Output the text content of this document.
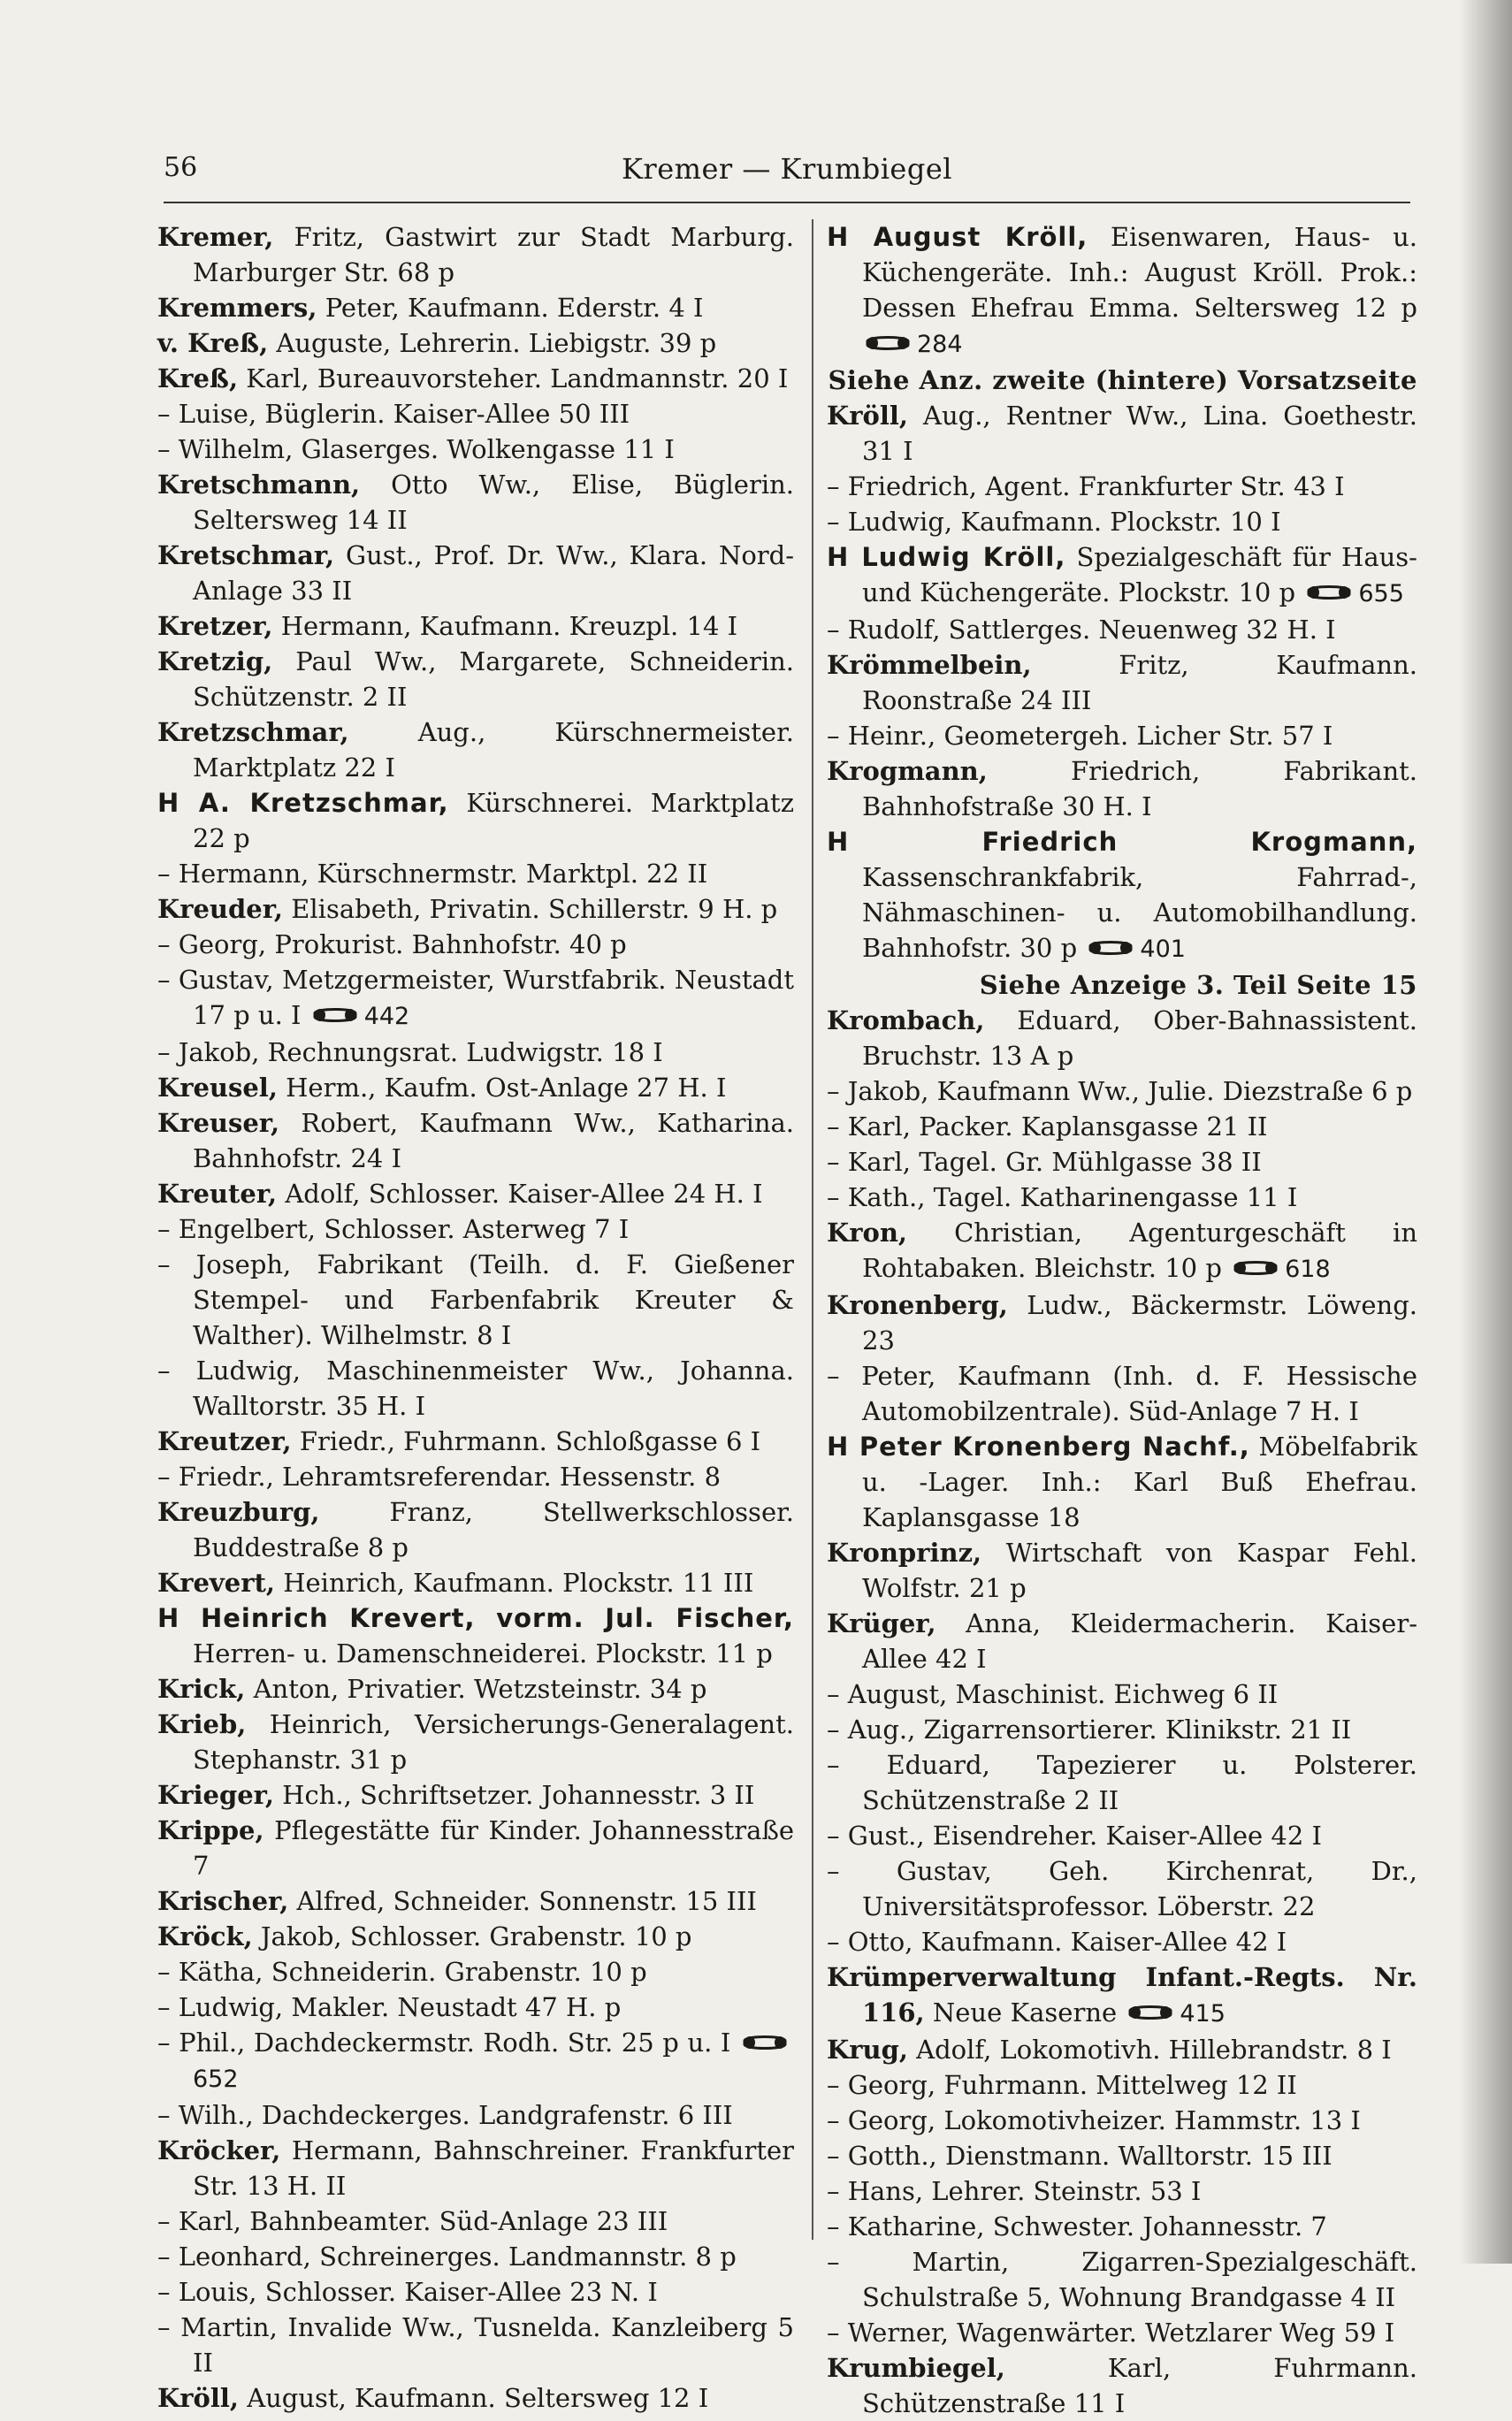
56	Kremer — Krumbiegel
Kremer, Fritz, Gastwirt zur Stadt Marburg. Marburger Str. 68 p
Kremmers, Peter, Kaufmann. Ederstr. 4 I
v. Kreß, Auguste, Lehrerin. Liebigstr. 39 p
Kreß, Karl, Bureauvorsteher. Landmannstr. 20 I
– Luise, Büglerin. Kaiser-Allee 50 III
– Wilhelm, Glaserges. Wolkengasse 11 I
Kretschmann, Otto Ww., Elise, Büglerin. Seltersweg 14 II
Kretschmar, Gust., Prof. Dr. Ww., Klara. Nord-Anlage 33 II
Kretzer, Hermann, Kaufmann. Kreuzpl. 14 I
Kretzig, Paul Ww., Margarete, Schneiderin. Schützenstr. 2 II
Kretzschmar,	Aug., Kürschnermeister. Marktplatz 22 I
H A. Kretzschmar, Kürschnerei. Marktplatz 22 p
– Hermann, Kürschnermstr. Marktpl. 22 II
Kreuder, Elisabeth, Privatin. Schillerstr. 9 H. p
– Georg, Prokurist. Bahnhofstr. 40 p
– Gustav, Metzgermeister, Wurstfabrik. Neustadt 17 p u. I	442
– Jakob, Rechnungsrat. Ludwigstr. 18 I
Kreusel, Herm., Kaufm. Ost-Anlage 27 H. I
Kreuser, Robert, Kaufmann Ww., Katharina. Bahnhofstr. 24 I
Kreuter, Adolf, Schlosser. Kaiser-Allee 24 H. I
– Engelbert, Schlosser. Asterweg 7 I
– Joseph, Fabrikant (Teilh. d. F. Gießener Stempel- und Farbenfabrik Kreuter & Walther). Wilhelmstr. 8 I
– Ludwig, Maschinenmeister Ww., Johanna. Walltorstr. 35 H. I
Kreutzer, Friedr., Fuhrmann. Schloßgasse 6 I
– Friedr., Lehramtsreferendar. Hessenstr. 8
Kreuzburg,	Franz, Stellwerkschlosser. Buddestraße 8 p
Krevert, Heinrich, Kaufmann. Plockstr. 11 III
H Heinrich Krevert, vorm. Jul. Fischer, Herren- u. Damenschneiderei. Plockstr. 11 p
Krick, Anton, Privatier. Wetzsteinstr. 34 p
Krieb, Heinrich, Versicherungs-Generalagent. Stephanstr. 31 p
Krieger, Hch., Schriftsetzer. Johannesstr. 3 II
Krippe, Pflegestätte für Kinder. Johannesstraße 7
Krischer, Alfred, Schneider. Sonnenstr. 15 III
Kröck, Jakob, Schlosser. Grabenstr. 10 p
– Kätha, Schneiderin. Grabenstr. 10 p
– Ludwig, Makler. Neustadt 47 H. p
– Phil., Dachdeckermstr. Rodh. Str. 25 p u. I 652
– Wilh., Dachdeckerges. Landgrafenstr. 6 III
Kröcker, Hermann, Bahnschreiner. Frankfurter Str. 13 H. II
– Karl, Bahnbeamter. Süd-Anlage 23 III
– Leonhard, Schreinerges. Landmannstr. 8 p
– Louis, Schlosser. Kaiser-Allee 23 N. I
– Martin, Invalide Ww., Tusnelda. Kanzleiberg 5 II
Kröll, August, Kaufmann. Seltersweg 12 I
H August Kröll, Eisenwaren, Haus- u. Küchengeräte. Inh.: August Kröll. Prok.: Dessen Ehefrau Emma. Seltersweg 12 p 284
Siehe Anz. zweite (hintere) Vorsatzseite
Kröll, Aug., Rentner Ww., Lina. Goethestr. 31 I
– Friedrich, Agent. Frankfurter Str. 43 I
– Ludwig, Kaufmann. Plockstr. 10 I
H Ludwig Kröll, Spezialgeschäft für Haus- und Küchengeräte. Plockstr. 10 p	655
– Rudolf, Sattlerges. Neuenweg 32 H. I
Krömmelbein,	Fritz, Kaufmann. Roonstraße 24 III
– Heinr., Geometergeh. Licher Str. 57 I
Krogmann,	Friedrich, Fabrikant. Bahnhofstraße 30 H. I
H Friedrich Krogmann, Kassenschrankfabrik, Fahrrad-, Nähmaschinen- u. Automobilhandlung. Bahnhofstr. 30 p	401
Siehe Anzeige 3. Teil Seite 15
Krombach, Eduard, Ober-Bahnassistent. Bruchstr. 13 A p
– Jakob, Kaufmann Ww., Julie. Diezstraße 6 p
– Karl, Packer. Kaplansgasse 21 II
– Karl, Tagel. Gr. Mühlgasse 38 II
– Kath., Tagel. Katharinengasse 11 I
Kron, Christian, Agenturgeschäft in Rohtabaken. Bleichstr. 10 p	618
Kronenberg, Ludw., Bäckermstr. Löweng. 23
– Peter, Kaufmann (Inh. d. F. Hessische Automobilzentrale). Süd-Anlage 7 H. I
H Peter Kronenberg Nachf., Möbelfabrik u. -Lager. Inh.: Karl Buß Ehefrau. Kaplansgasse 18
Kronprinz, Wirtschaft von Kaspar Fehl. Wolfstr. 21 p
Krüger, Anna, Kleidermacherin. Kaiser-Allee 42 I
– August, Maschinist. Eichweg 6 II
– Aug., Zigarrensortierer. Klinikstr. 21 II
– Eduard, Tapezierer u. Polsterer. Schützenstraße 2 II
– Gust., Eisendreher. Kaiser-Allee 42 I
– Gustav, Geh. Kirchenrat, Dr., Universitätsprofessor. Löberstr. 22
– Otto, Kaufmann. Kaiser-Allee 42 I
Krümperverwaltung Infant.-Regts. Nr. 116, Neue Kaserne	415
Krug, Adolf, Lokomotivh. Hillebrandstr. 8 I
– Georg, Fuhrmann. Mittelweg 12 II
– Georg, Lokomotivheizer. Hammstr. 13 I
– Gotth., Dienstmann. Walltorstr. 15 III
– Hans, Lehrer. Steinstr. 53 I
– Katharine, Schwester. Johannesstr. 7
– Martin, Zigarren-Spezialgeschäft. Schulstraße 5, Wohnung Brandgasse 4 II
– Werner, Wagenwärter. Wetzlarer Weg 59 I
Krumbiegel,	Karl, Fuhrmann. Schützenstraße 11 I
